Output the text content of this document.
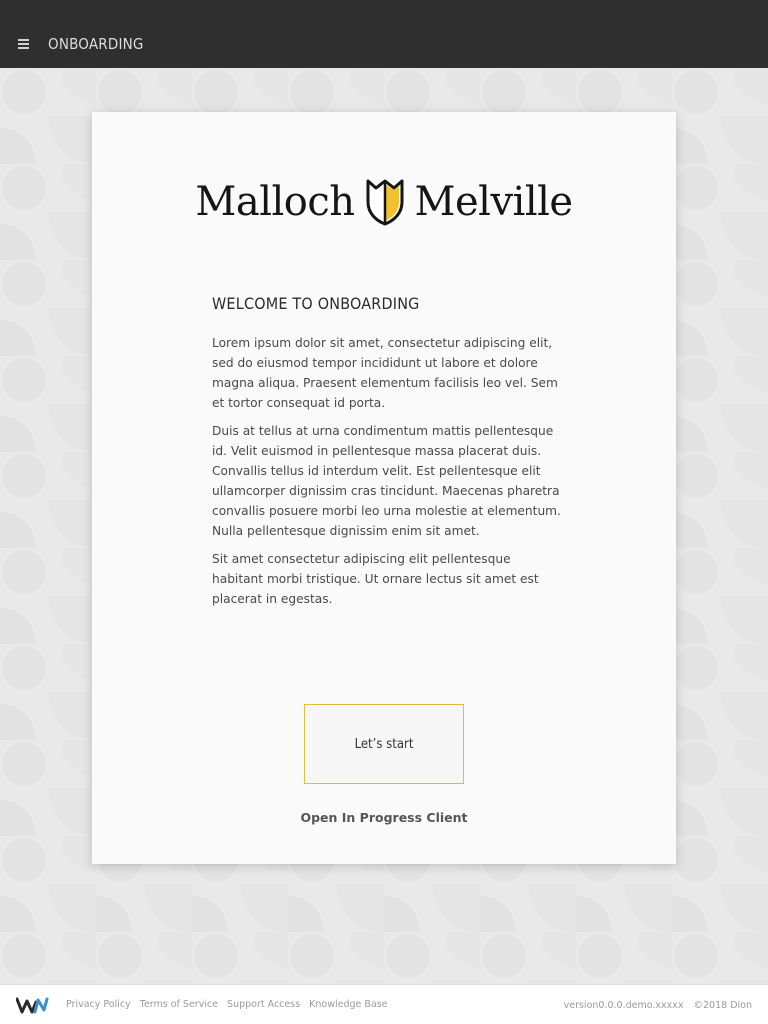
ONBOARDING
Malloch Melville
WELCOME TO ONBOARDING

Lorem ipsum dolor sit amet, consectetur adipiscing elit, sed do eiusmod tempor incididunt ut labore et dolore magna aliqua. Praesent elementum facilisis leo vel. Sem et tortor consequat id porta.

Duis at tellus at urna condimentum mattis pellentesque id. Velit euismod in pellentesque massa placerat duis. Convallis tellus id interdum velit. Est pellentesque elit ullamcorper dignissim cras tincidunt. Maecenas pharetra convallis posuere morbi leo urna molestie at elementum. Nulla pellentesque dignissim enim sit amet.

Sit amet consectetur adipiscing elit pellentesque habitant morbi tristique. Ut ornare lectus sit amet est placerat in egestas.

Let’s start
Open In Progress Client
Privacy Policy Terms of Service Support Access Knowledge Base	version0.0.0.demo.xxxxx ©2018 Dion
